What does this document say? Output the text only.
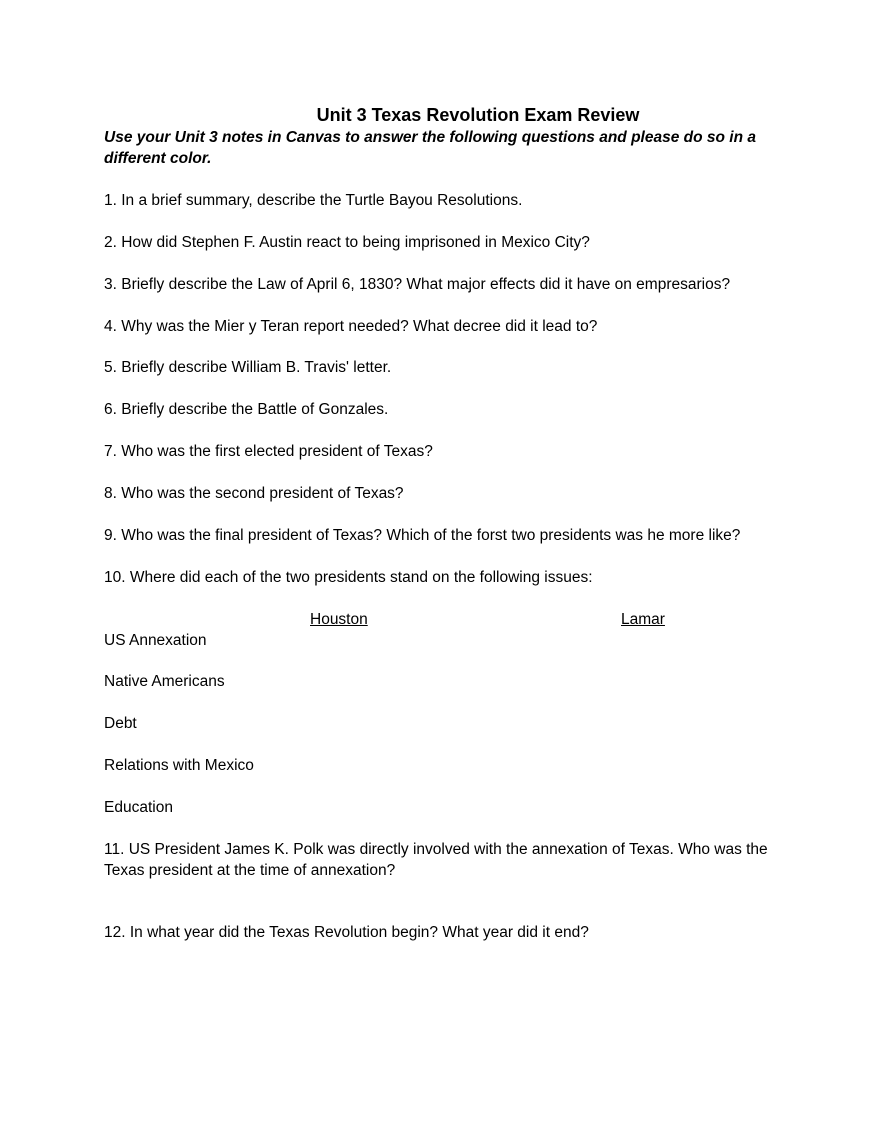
Unit 3 Texas Revolution Exam Review
Use your Unit 3 notes in Canvas to answer the following questions and please do so in a different color.
1. In a brief summary, describe the Turtle Bayou Resolutions.
2. How did Stephen F. Austin react to being imprisoned in Mexico City?
3. Briefly describe the Law of April 6, 1830? What major effects did it have on empresarios?
4. Why was the Mier y Teran report needed? What decree did it lead to?
5. Briefly describe William B. Travis' letter.
6. Briefly describe the Battle of Gonzales.
7. Who was the first elected president of Texas?
8. Who was the second president of Texas?
9. Who was the final president of Texas? Which of the forst two presidents was he more like?
10. Where did each of the two presidents stand on the following issues:
Houston	Lamar
US Annexation
Native Americans
Debt
Relations with Mexico
Education
11. US President James K. Polk was directly involved with the annexation of Texas. Who was the Texas president at the time of annexation?
12. In what year did the Texas Revolution begin? What year did it end?
